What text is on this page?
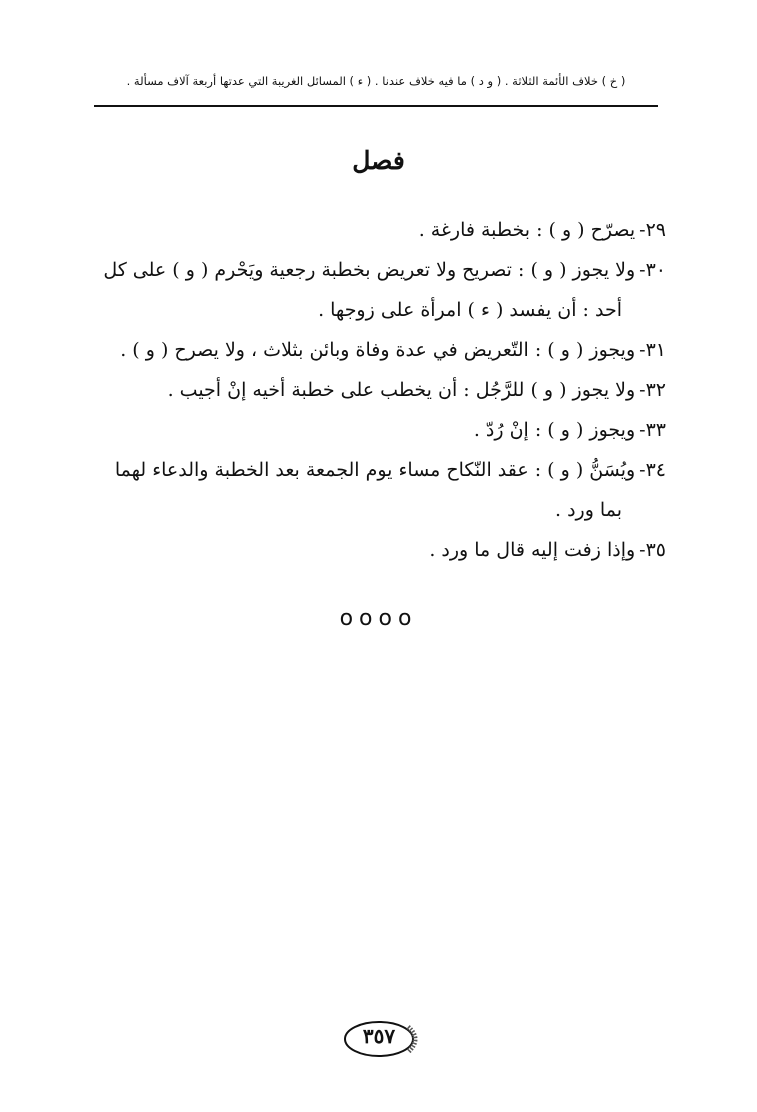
( خ ) خلاف الأئمة الثلاثة . ( و د ) ما فيه خلاف عندنا . ( ء ) المسائل الغريبة التي عدتها أربعة آلاف مسألة .
فصل
٢٩-يصرّح ( و ) : بخطبة فارغة .
٣٠-ولا يجوز ( و ) : تصريح ولا تعريض بخطبة رجعية ويَحْرم ( و ) على كل
أحد : أن يفسد ( ء ) امرأة على زوجها .
٣١-ويجوز ( و ) : التّعريض في عدة وفاة وبائن بثلاث ، ولا يصرح ( و ) .
٣٢-ولا يجوز ( و ) للرَّجُل : أن يخطب على خطبة أخيه إنْ أجيب .
٣٣-ويجوز ( و ) : إنْ رُدّ .
٣٤-ويُسَنُّ ( و ) : عقد النّكاح مساء يوم الجمعة بعد الخطبة والدعاء لهما
بما ورد .
٣٥-وإذا زفت إليه قال ما ورد .
oooo
٣٥٧
